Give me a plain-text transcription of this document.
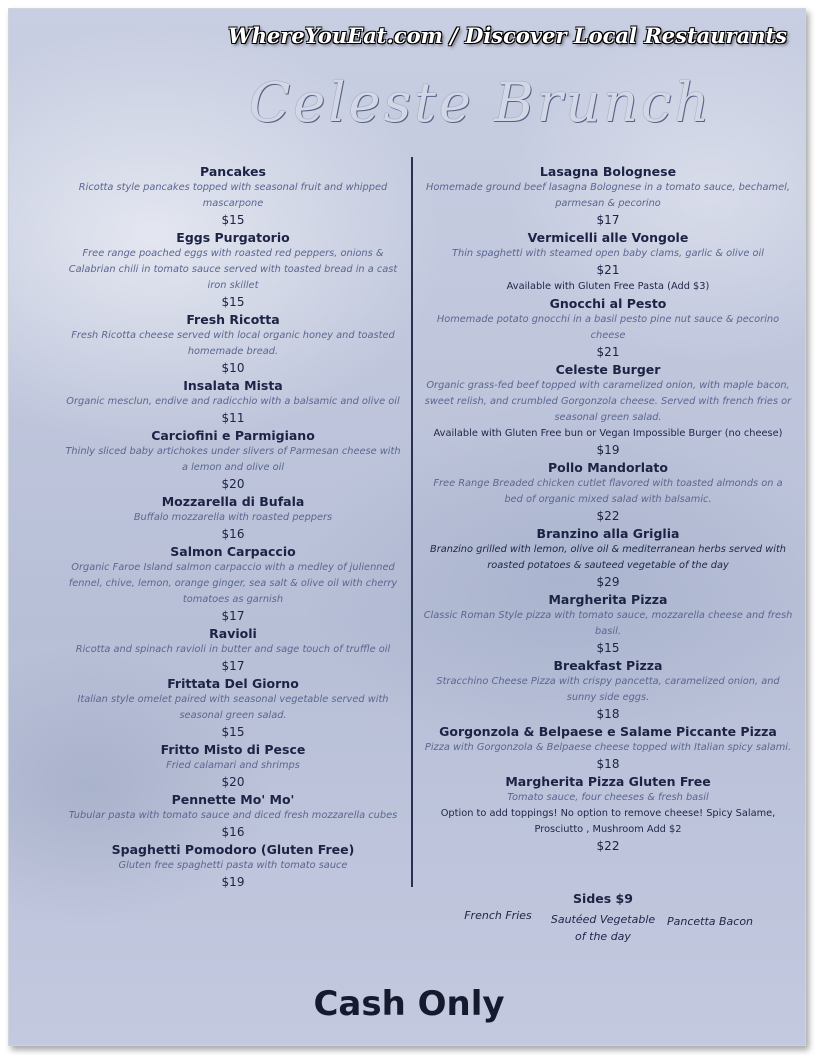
WhereYouEat.com / Discover Local Restaurants
Celeste Brunch
Pancakes
Ricotta style pancakes topped with seasonal fruit and whipped mascarpone
$15
Eggs Purgatorio
Free range poached eggs with roasted red peppers, onions & Calabrian chili in tomato sauce served with toasted bread in a cast iron skillet
$15
Fresh Ricotta
Fresh Ricotta cheese served with local organic honey and toasted homemade bread.
$10
Insalata Mista
Organic mesclun, endive and radicchio with a balsamic and olive oil
$11
Carciofini e Parmigiano
Thinly sliced baby artichokes under slivers of Parmesan cheese with a lemon and olive oil
$20
Mozzarella di Bufala
Buffalo mozzarella with roasted peppers
$16
Salmon Carpaccio
Organic Faroe Island salmon carpaccio with a medley of julienned fennel, chive, lemon, orange ginger, sea salt & olive oil with cherry tomatoes as garnish
$17
Ravioli
Ricotta and spinach ravioli in butter and sage touch of truffle oil
$17
Frittata Del Giorno
Italian style omelet paired with seasonal vegetable served with seasonal green salad.
$15
Fritto Misto di Pesce
Fried calamari and shrimps
$20
Pennette Mo' Mo'
Tubular pasta with tomato sauce and diced fresh mozzarella cubes
$16
Spaghetti Pomodoro (Gluten Free)
Gluten free spaghetti pasta with tomato sauce
$19
Lasagna Bolognese
Homemade ground beef lasagna Bolognese in a tomato sauce, bechamel, parmesan & pecorino
$17
Vermicelli alle Vongole
Thin spaghetti with steamed open baby clams, garlic & olive oil
$21
Available with Gluten Free Pasta (Add $3)
Gnocchi al Pesto
Homemade potato gnocchi in a basil pesto pine nut sauce & pecorino cheese
$21
Celeste Burger
Organic grass-fed beef topped with caramelized onion, with maple bacon, sweet relish, and crumbled Gorgonzola cheese. Served with french fries or seasonal green salad.
Available with Gluten Free bun or Vegan Impossible Burger (no cheese)
$19
Pollo Mandorlato
Free Range Breaded chicken cutlet flavored with toasted almonds on a bed of organic mixed salad with balsamic.
$22
Branzino alla Griglia
Branzino grilled with lemon, olive oil & mediterranean herbs served with roasted potatoes & sauteed vegetable of the day
$29
Margherita Pizza
Classic Roman Style pizza with tomato sauce, mozzarella cheese and fresh basil.
$15
Breakfast Pizza
Stracchino Cheese Pizza with crispy pancetta, caramelized onion, and sunny side eggs.
$18
Gorgonzola & Belpaese e Salame Piccante Pizza
Pizza with Gorgonzola & Belpaese cheese topped with Italian spicy salami.
$18
Margherita Pizza Gluten Free
Tomato sauce, four cheeses & fresh basil
Option to add toppings! No option to remove cheese! Spicy Salame, Prosciutto , Mushroom Add $2
$22
Sides $9
French Fries	Sautéed Vegetable of the day
Pancetta Bacon
Cash Only
